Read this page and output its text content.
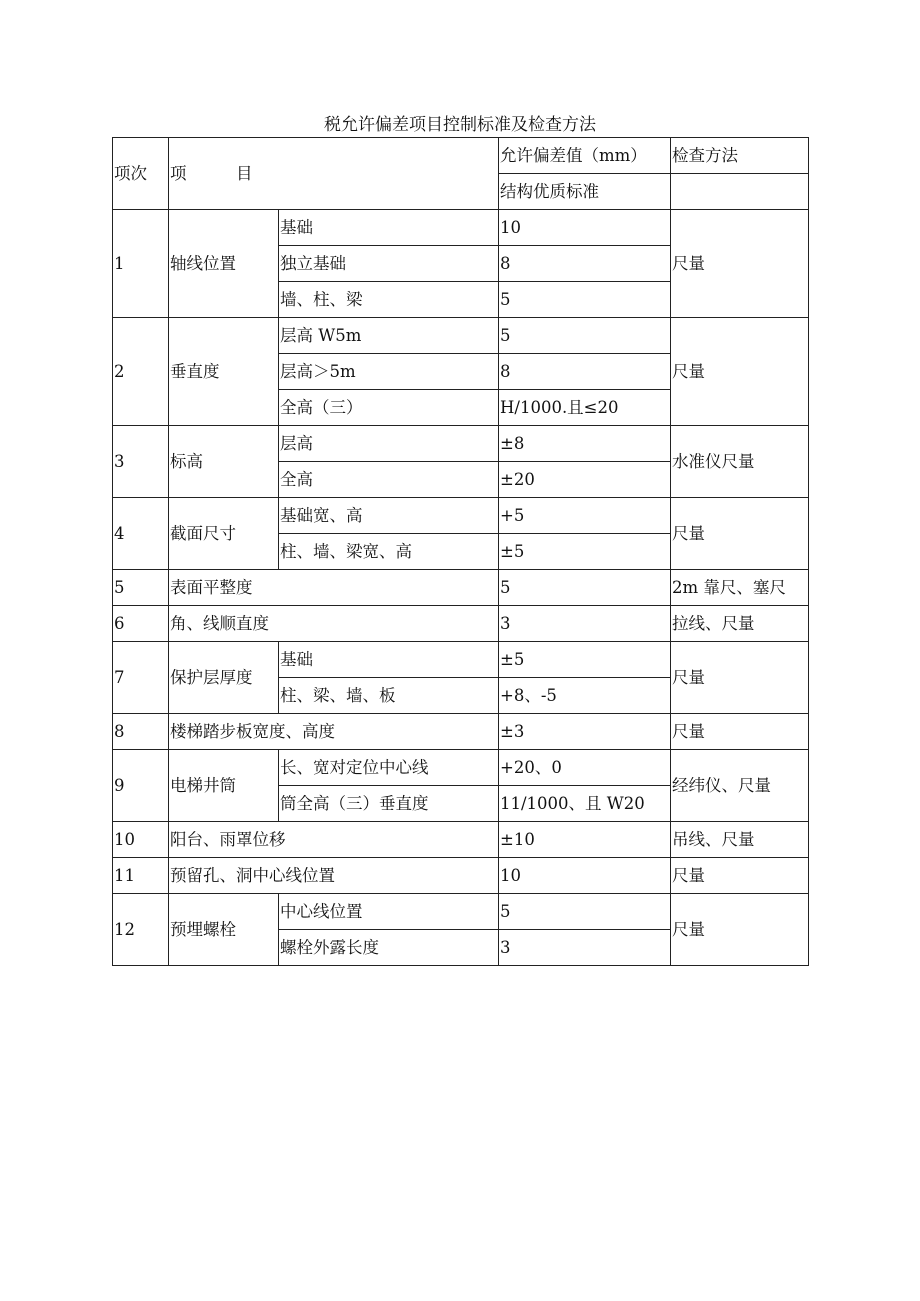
税允许偏差项目控制标准及检查方法
项次	项　　　目		允许偏差值（mm）	检查方法
			结构优质标准	
1	轴线位置	基础	10	尺量
		独立基础	8	
		墙、柱、梁	5	
2	垂直度	层高 W5m	5	尺量
		层高＞5m	8	
		全高（三）	H/1000.且≤20	
3	标高	层高	±8	水准仪尺量
		全高	±20	
4	截面尺寸	基础宽、高	+5	尺量
		柱、墙、梁宽、高	±5	
5	表面平整度		5	2m 靠尺、塞尺
6	角、线顺直度		3	拉线、尺量
7	保护层厚度	基础	±5	尺量
		柱、梁、墙、板	+8、-5	
8	楼梯踏步板宽度、高度		±3	尺量
9	电梯井筒	长、宽对定位中心线	+20、0	经纬仪、尺量
		筒全高（三）垂直度	11/1000、且 W20	
10	阳台、雨罩位移		±10	吊线、尺量
11	预留孔、洞中心线位置		10	尺量
12	预埋螺栓	中心线位置	5	尺量
		螺栓外露长度	3	
